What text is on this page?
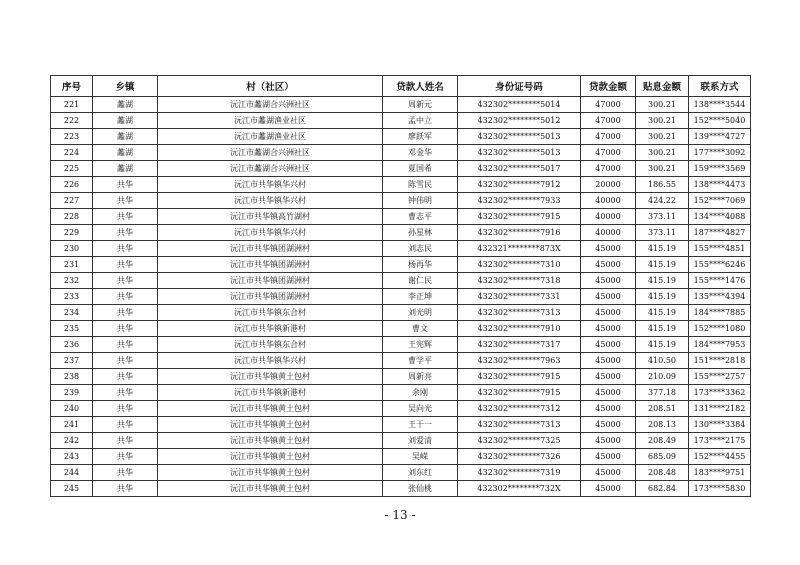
序号	乡镇	村（社区）	贷款人姓名	身份证号码	贷款金额	贴息金额	联系方式
221	蠡湖	沅江市蠡湖合兴洲社区	周新元	432302********5014	47000	300.21	138****3544
222	蠡湖	沅江市蠡湖渔业社区	孟中立	432302********5012	47000	300.21	152****5040
223	蠡湖	沅江市蠡湖渔业社区	廖跃军	432302********5013	47000	300.21	139****4727
224	蠡湖	沅江市蠡湖合兴洲社区	邓金华	432302********5013	47000	300.21	177****3092
225	蠡湖	沅江市蠡湖合兴洲社区	夏国希	432302********5017	47000	300.21	159****3569
226	共华	沅江市共华镇华兴村	陈雪民	432302********7912	20000	186.55	138****4473
227	共华	沅江市共华镇华兴村	钟伟明	432302********7933	40000	424.22	152****7069
228	共华	沅江市共华镇高竹湖村	曹志平	432302********7915	40000	373.11	134****4088
229	共华	沅江市共华镇华兴村	孙星林	432302********7916	40000	373.11	187****4827
230	共华	沅江市共华镇团湖洲村	刘志民	432321********873X	45000	415.19	155****4851
231	共华	沅江市共华镇团湖洲村	杨再华	432302********7310	45000	415.19	155****6246
232	共华	沅江市共华镇团湖洲村	谢仁民	432302********7318	45000	415.19	155****1476
233	共华	沅江市共华镇团湖洲村	李正坤	432302********7331	45000	415.19	135****4394
234	共华	沅江市共华镇东合村	刘光明	432302********7313	45000	415.19	184****7885
235	共华	沅江市共华镇新港村	曹文	432302********7910	45000	415.19	152****1080
236	共华	沅江市共华镇东合村	王宪辉	432302********7317	45000	415.19	184****7953
237	共华	沅江市共华镇华兴村	曹学平	432302********7963	45000	410.50	151****2818
238	共华	沅江市共华镇黄土包村	周新亮	432302********7915	45000	210.09	155****2757
239	共华	沅江市共华镇新港村	余刚	432302********7915	45000	377.18	173****3362
240	共华	沅江市共华镇黄土包村	吴向光	432302********7312	45000	208.51	131****2182
241	共华	沅江市共华镇黄土包村	王干一	432302********7313	45000	208.13	130****3384
242	共华	沅江市共华镇黄土包村	刘爱清	432302********7325	45000	208.49	173****2175
243	共华	沅江市共华镇黄土包村	吴嵘	432302********7326	45000	685.09	152****4455
244	共华	沅江市共华镇黄土包村	刘东红	432302********7319	45000	208.48	183****9751
245	共华	沅江市共华镇黄土包村	张仙桃	432302********732X	45000	682.84	173****5830
- 13 -
